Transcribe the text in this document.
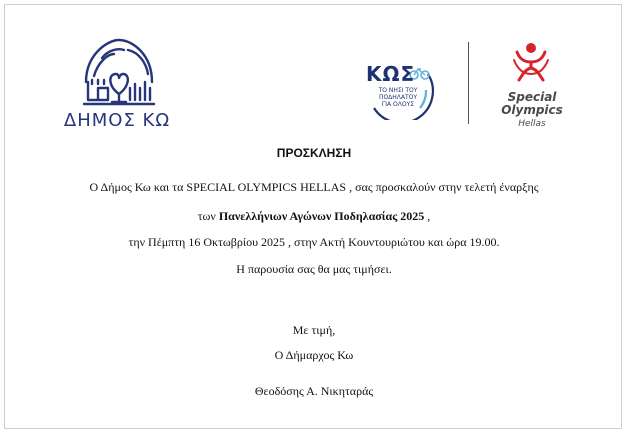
ΔΗΜΟΣ ΚΩ
ΚΩΣ
ΤΟ ΝΗΣΙ ΤΟΥ
ΠΟΔΗΛΑΤΟΥ
ΓΙΑ ΟΛΟΥΣ
Special
Olympics
Hellas
ΠΡΟΣΚΛΗΣΗ
Ο Δήμος Κω και τα SPECIAL OLYMPICS HELLAS , σας προσκαλούν στην τελετή έναρξης
των Πανελλήνιων Αγώνων Ποδηλασίας 2025 ,
την Πέμπτη 16 Οκτωβρίου 2025 , στην Ακτή Κουντουριώτου και ώρα 19.00.
Η παρουσία σας θα μας τιμήσει.
Με τιμή,
Ο Δήμαρχος Κω
Θεοδόσης Α. Νικηταράς
